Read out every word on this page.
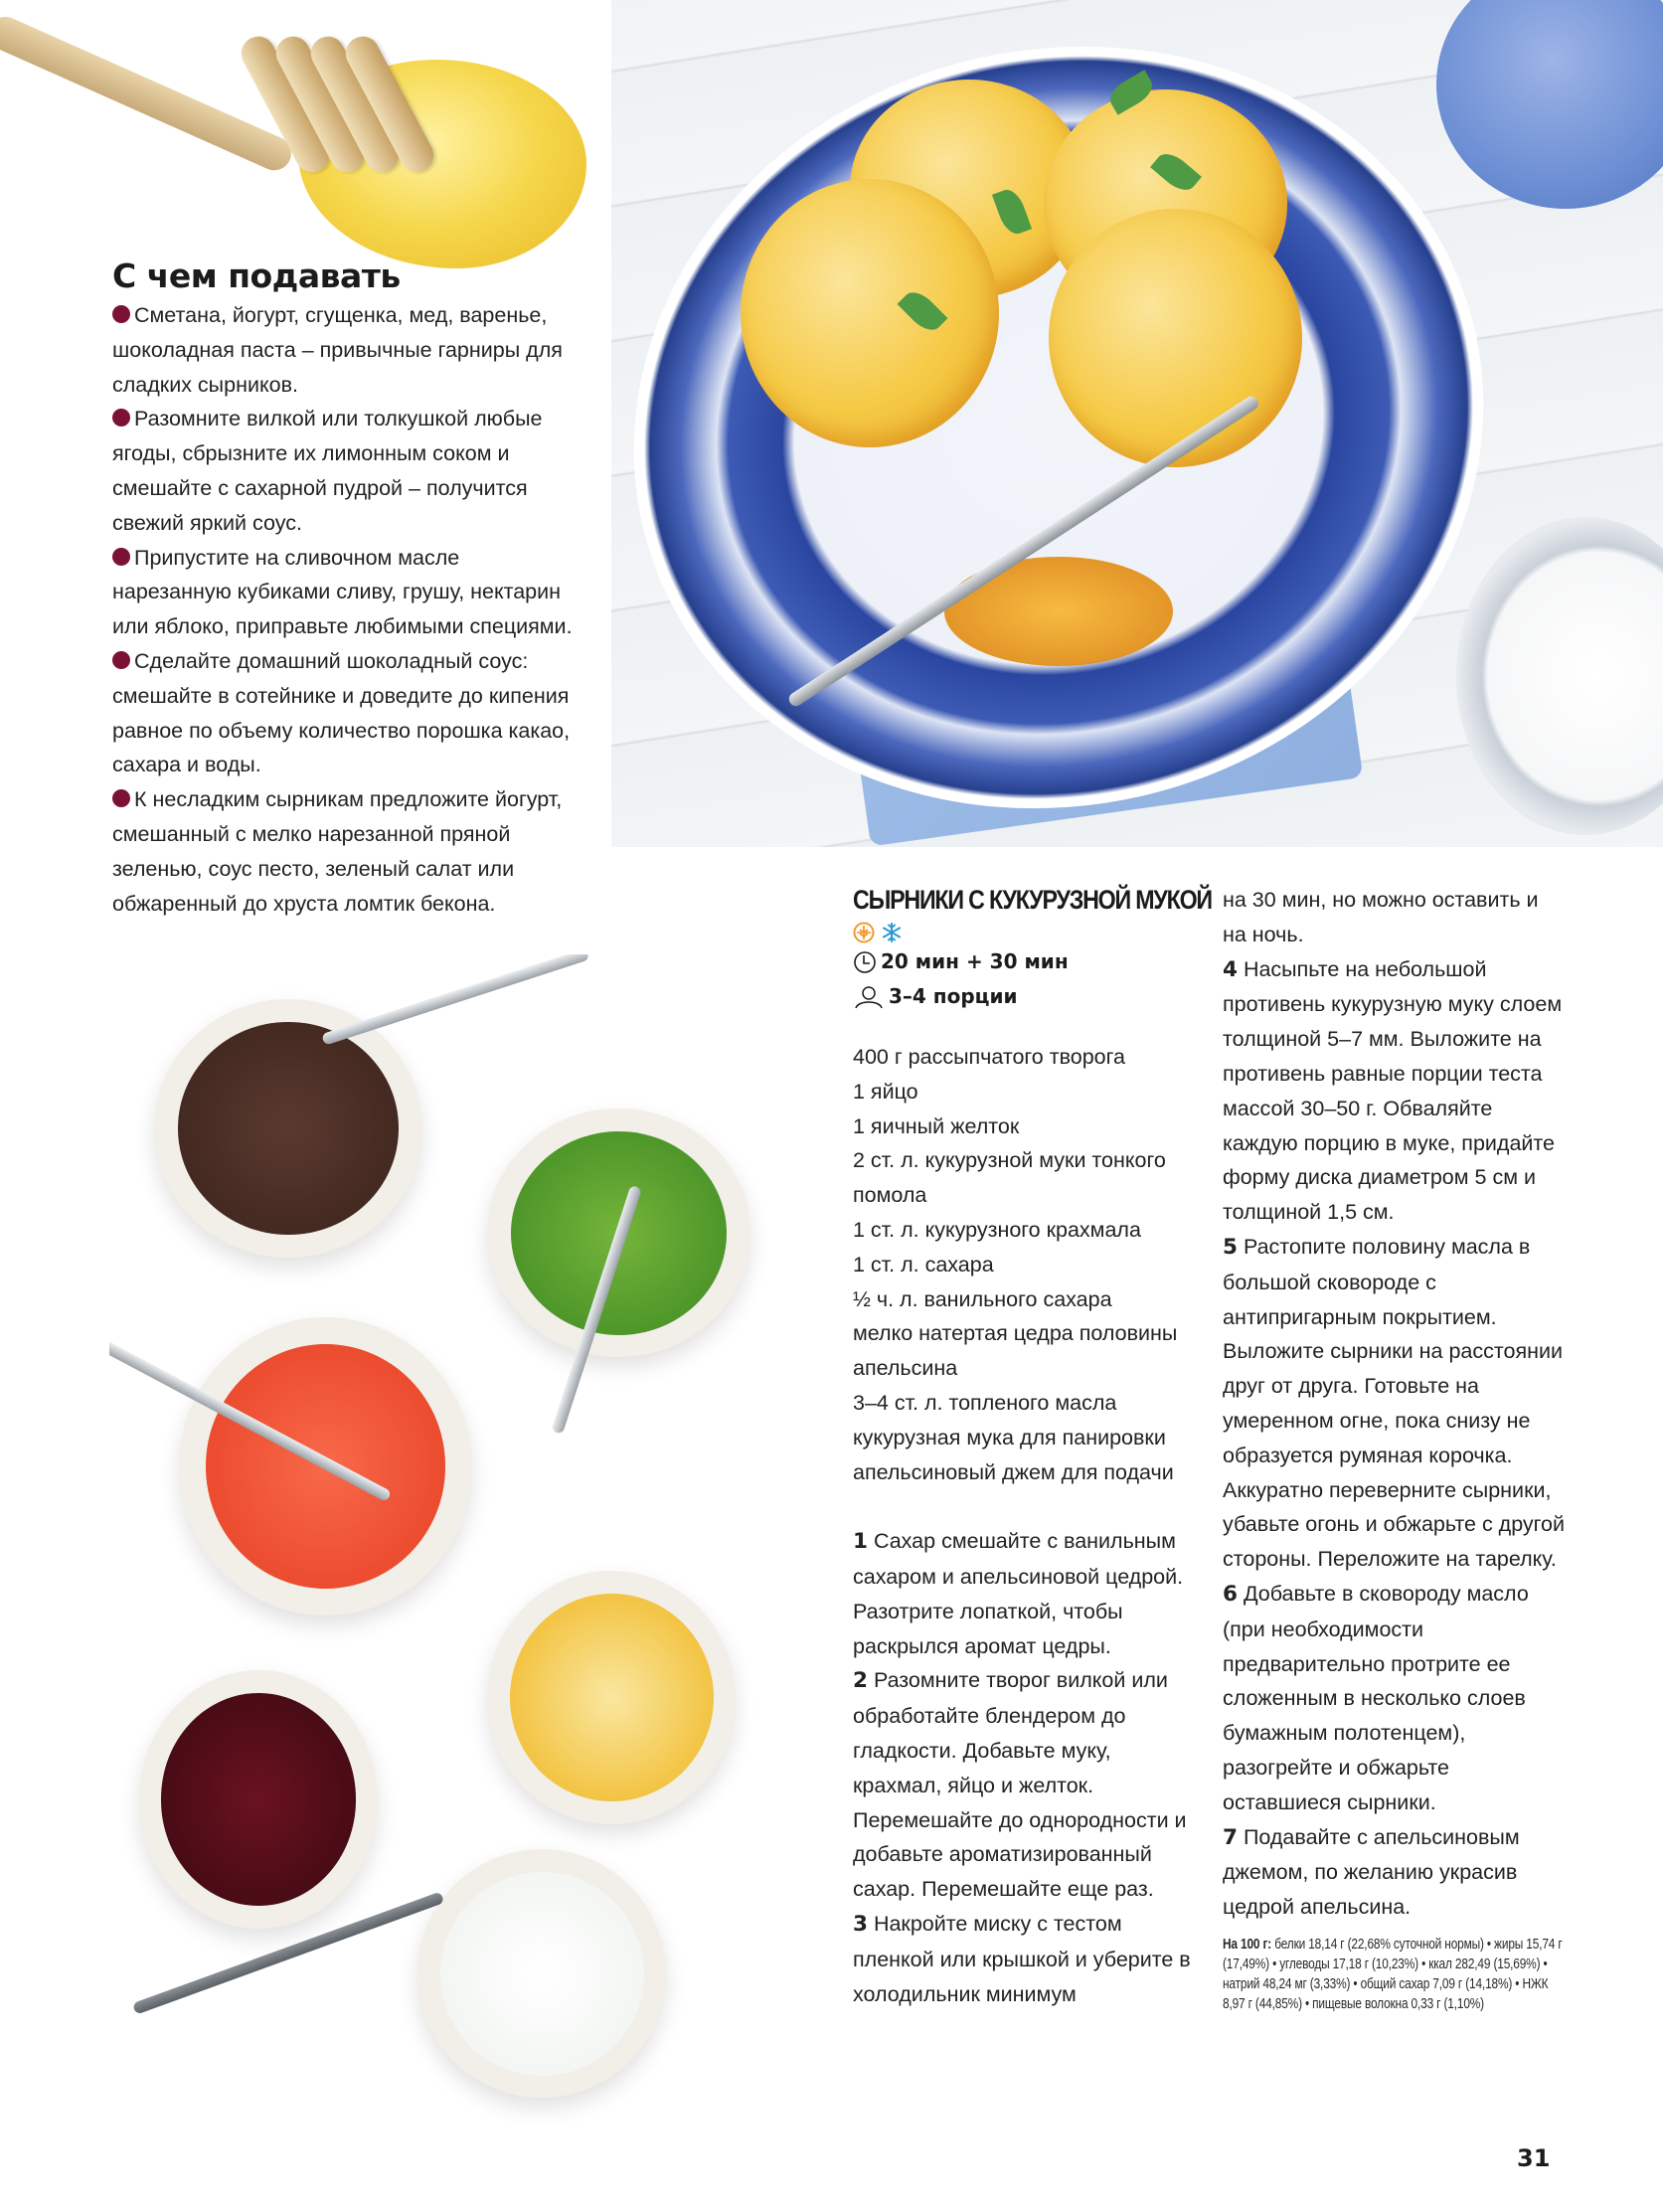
С чем подавать

Сметана, йогурт, сгущенка, мед, варенье, шоколадная паста – привычные гарниры для сладких сырников.

Разомните вилкой или толкушкой любые ягоды, сбрызните их лимонным соком и смешайте с сахарной пудрой – получится свежий яркий соус.

Припустите на сливочном масле нарезанную кубиками сливу, грушу, нектарин или яблоко, приправьте любимыми специями.

Сделайте домашний шоколадный соус: смешайте в сотейнике и доведите до кипения равное по объему количество порошка какао, сахара и воды.

К несладким сырникам предложите йогурт, смешанный с мелко нарезанной пряной зеленью, соус песто, зеленый салат или обжаренный до хруста ломтик бекона.	СЫРНИКИ С КУКУРУЗНОЙ МУКОЙ
20 мин + 30 мин
3–4 порции
400 г рассыпчатого творога
1 яйцо
1 яичный желток
2 ст. л. кукурузной муки тонкого помола
1 ст. л. кукурузного крахмала
1 ст. л. сахара
½ ч. л. ванильного сахара
мелко натертая цедра половины апельсина
3–4 ст. л. топленого масла
кукурузная мука для панировки
апельсиновый джем для подачи

1 Сахар смешайте с ванильным сахаром и апельсиновой цедрой. Разотрите лопаткой, чтобы раскрылся аромат цедры.

2 Разомните творог вилкой или обработайте блендером до гладкости. Добавьте муку, крахмал, яйцо и желток. Перемешайте до однородности и добавьте ароматизированный сахар. Перемешайте еще раз.

3 Накройте миску с тестом пленкой или крышкой и уберите в холодильник минимум

на 30 мин, но можно оставить и на ночь.

4 Насыпьте на небольшой противень кукурузную муку слоем толщиной 5–7 мм. Выложите на противень равные порции теста массой 30–50 г. Обваляйте каждую порцию в муке, придайте форму диска диаметром 5 см и толщиной 1,5 см.

5 Растопите половину масла в большой сковороде с антипригарным покрытием. Выложите сырники на расстоянии друг от друга. Готовьте на умеренном огне, пока снизу не образуется румяная корочка. Аккуратно переверните сырники, убавьте огонь и обжарьте с другой стороны. Переложите на тарелку.

6 Добавьте в сковороду масло (при необходимости предварительно протрите ее сложенным в несколько слоев бумажным полотенцем), разогрейте и обжарьте оставшиеся сырники.

7 Подавайте с апельсиновым джемом, по желанию украсив цедрой апельсина.

На 100 г: белки 18,14 г (22,68% суточной нормы) • жиры 15,74 г (17,49%) • углеводы 17,18 г (10,23%) • ккал 282,49 (15,69%) • натрий 48,24 мг (3,33%) • общий сахар 7,09 г (14,18%) • НЖК 8,97 г (44,85%) • пищевые волокна 0,33 г (1,10%)
31
